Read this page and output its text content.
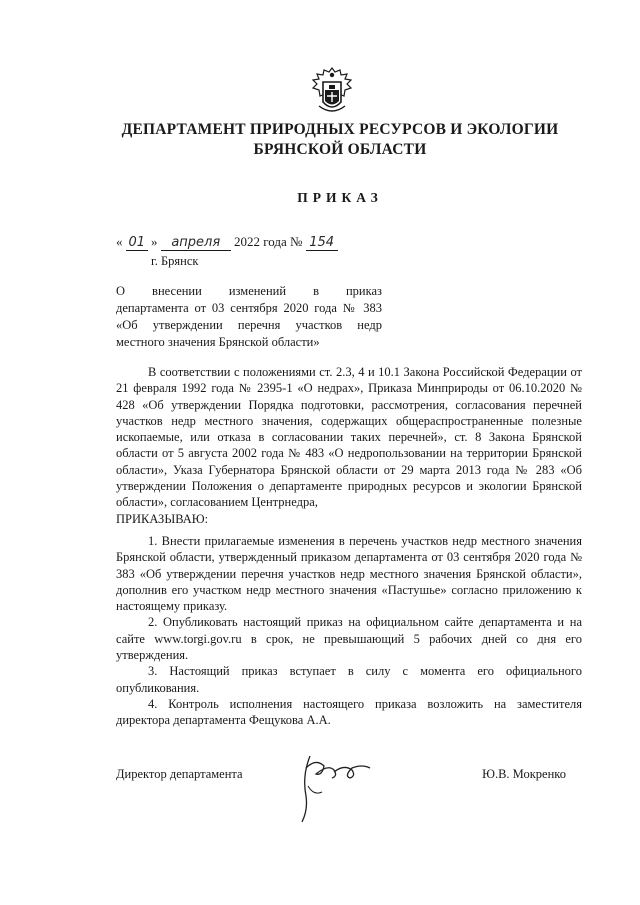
ДЕПАРТАМЕНТ ПРИРОДНЫХ РЕСУРСОВ И ЭКОЛОГИИ
БРЯНСКОЙ ОБЛАСТИ
ПРИКАЗ
« 01 » апреля 2022 года № 154
г. Брянск
О внесении изменений в приказ
департамента от 03 сентября 2020 года № 383 «Об утверждении перечня участков недр местного значения Брянской области»

В соответствии с положениями ст. 2.3, 4 и 10.1 Закона Российской Федерации от 21 февраля 1992 года № 2395-1 «О недрах», Приказа Минприроды от 06.10.2020 № 428 «Об утверждении Порядка подготовки, рассмотрения, согласования перечней участков недр местного значения, содержащих общераспространенные полезные ископаемые, или отказа в согласовании таких перечней», ст. 8 Закона Брянской области от 5 августа 2002 года № 483 «О недропользовании на территории Брянской области», Указа Губернатора Брянской области от 29 марта 2013 года № 283 «Об утверждении Положения о департаменте природных ресурсов и экологии Брянской области», согласованием Центрнедра,

ПРИКАЗЫВАЮ:

1. Внести прилагаемые изменения в перечень участков недр местного значения Брянской области, утвержденный приказом департамента от 03 сентября 2020 года № 383 «Об утверждении перечня участков недр местного значения Брянской области», дополнив его участком недр местного значения «Пастушье» согласно приложению к настоящему приказу.

2. Опубликовать настоящий приказ на официальном сайте департамента и на сайте www.torgi.gov.ru в срок, не превышающий 5 рабочих дней со дня его утверждения.

3. Настоящий приказ вступает в силу с момента его официального опубликования.

4. Контроль исполнения настоящего приказа возложить на заместителя директора департамента Фещукова А.А.

Директор департамента	Ю.В. Мокренко
